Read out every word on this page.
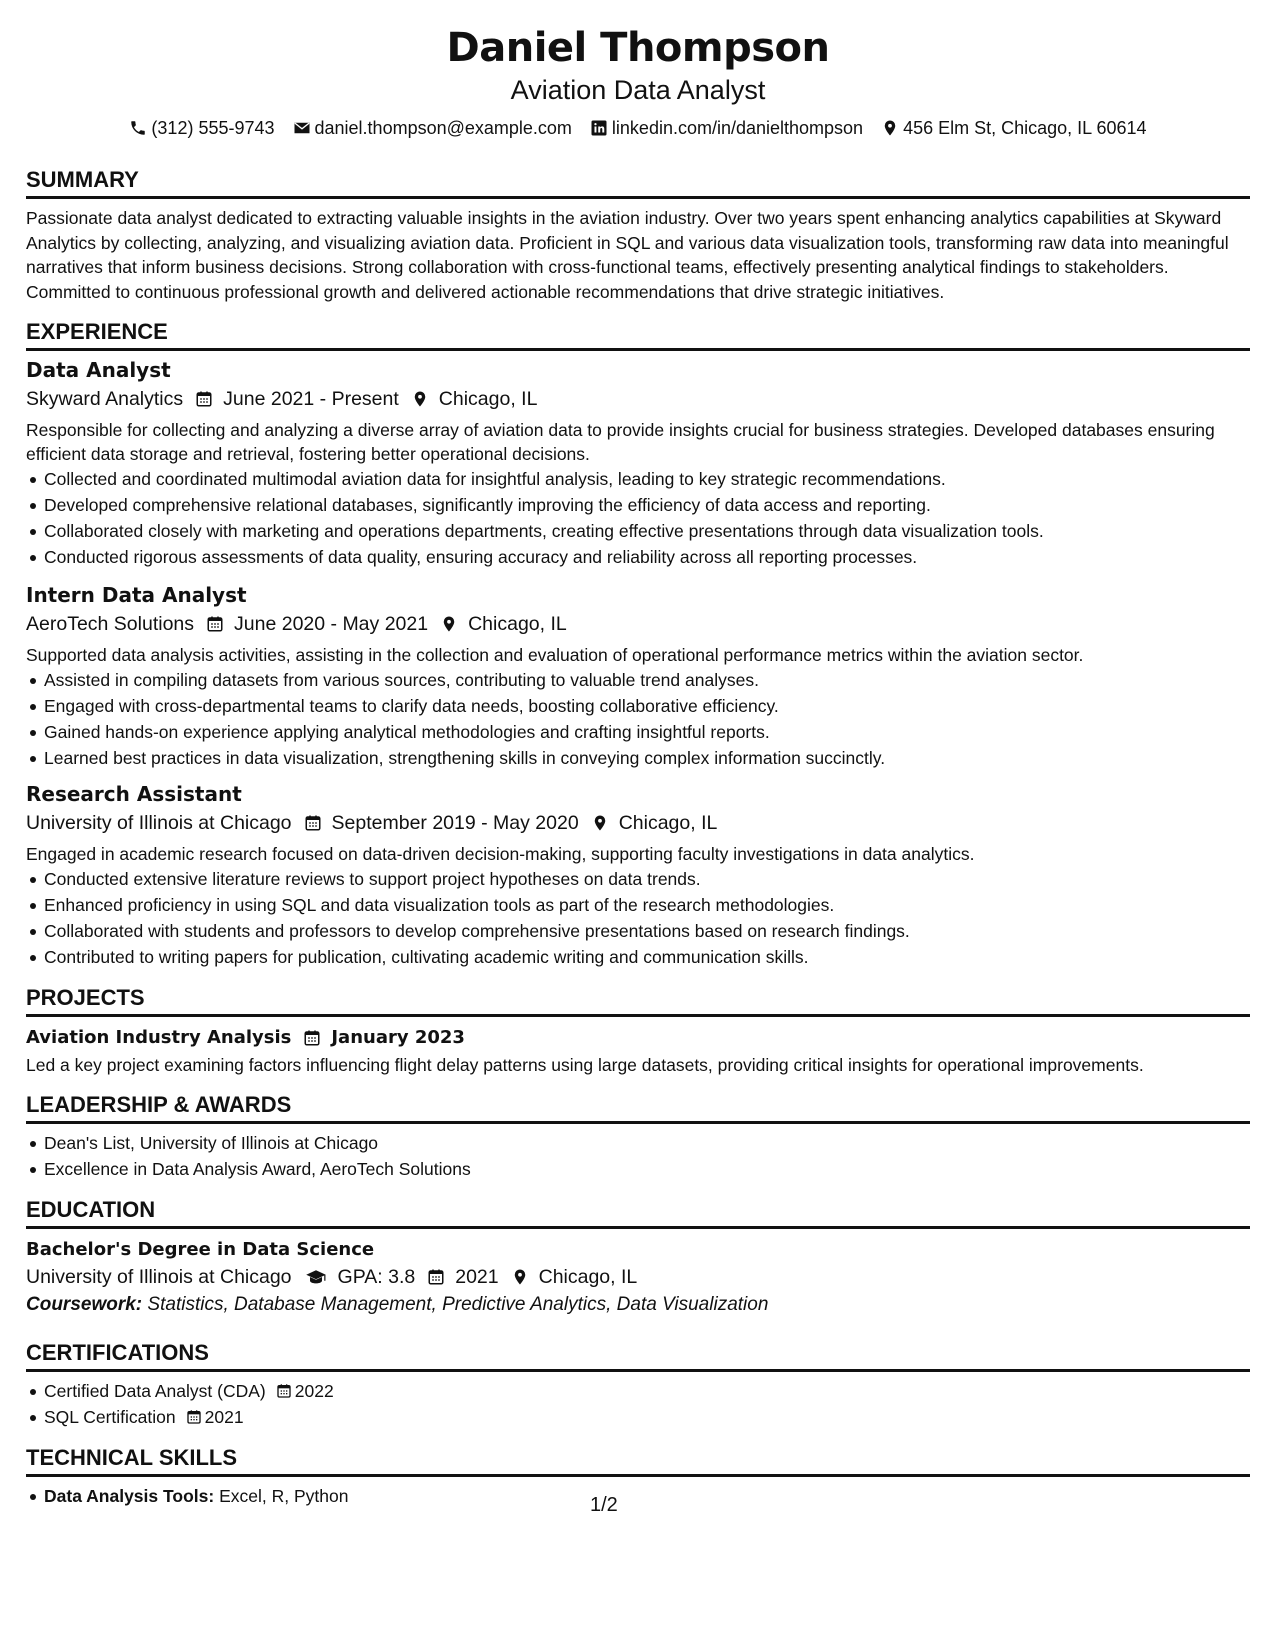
Daniel Thompson
Aviation Data Analyst
(312) 555-9743 daniel.thompson@example.com linkedin.com/in/danielthompson 456 Elm St, Chicago, IL 60614
SUMMARY
Passionate data analyst dedicated to extracting valuable insights in the aviation industry. Over two years spent enhancing analytics capabilities at Skyward Analytics by collecting, analyzing, and visualizing aviation data. Proficient in SQL and various data visualization tools, transforming raw data into meaningful narratives that inform business decisions. Strong collaboration with cross-functional teams, effectively presenting analytical findings to stakeholders. Committed to continuous professional growth and delivered actionable recommendations that drive strategic initiatives.
EXPERIENCE
Data Analyst
Skyward Analytics June 2021 - Present Chicago, IL
Responsible for collecting and analyzing a diverse array of aviation data to provide insights crucial for business strategies. Developed databases ensuring efficient data storage and retrieval, fostering better operational decisions.
Collected and coordinated multimodal aviation data for insightful analysis, leading to key strategic recommendations.
Developed comprehensive relational databases, significantly improving the efficiency of data access and reporting.
Collaborated closely with marketing and operations departments, creating effective presentations through data visualization tools.
Conducted rigorous assessments of data quality, ensuring accuracy and reliability across all reporting processes.
Intern Data Analyst
AeroTech Solutions June 2020 - May 2021 Chicago, IL
Supported data analysis activities, assisting in the collection and evaluation of operational performance metrics within the aviation sector.
Assisted in compiling datasets from various sources, contributing to valuable trend analyses.
Engaged with cross-departmental teams to clarify data needs, boosting collaborative efficiency.
Gained hands-on experience applying analytical methodologies and crafting insightful reports.
Learned best practices in data visualization, strengthening skills in conveying complex information succinctly.
Research Assistant
University of Illinois at Chicago September 2019 - May 2020 Chicago, IL
Engaged in academic research focused on data-driven decision-making, supporting faculty investigations in data analytics.
Conducted extensive literature reviews to support project hypotheses on data trends.
Enhanced proficiency in using SQL and data visualization tools as part of the research methodologies.
Collaborated with students and professors to develop comprehensive presentations based on research findings.
Contributed to writing papers for publication, cultivating academic writing and communication skills.
PROJECTS
Aviation Industry Analysis January 2023
Led a key project examining factors influencing flight delay patterns using large datasets, providing critical insights for operational improvements.
LEADERSHIP & AWARDS
Dean's List, University of Illinois at Chicago
Excellence in Data Analysis Award, AeroTech Solutions
EDUCATION
Bachelor's Degree in Data Science
University of Illinois at Chicago GPA: 3.8 2021 Chicago, IL
Coursework: Statistics, Database Management, Predictive Analytics, Data Visualization
CERTIFICATIONS
Certified Data Analyst (CDA) 2022
SQL Certification 2021
TECHNICAL SKILLS
Data Analysis Tools: Excel, R, Python	1/2
